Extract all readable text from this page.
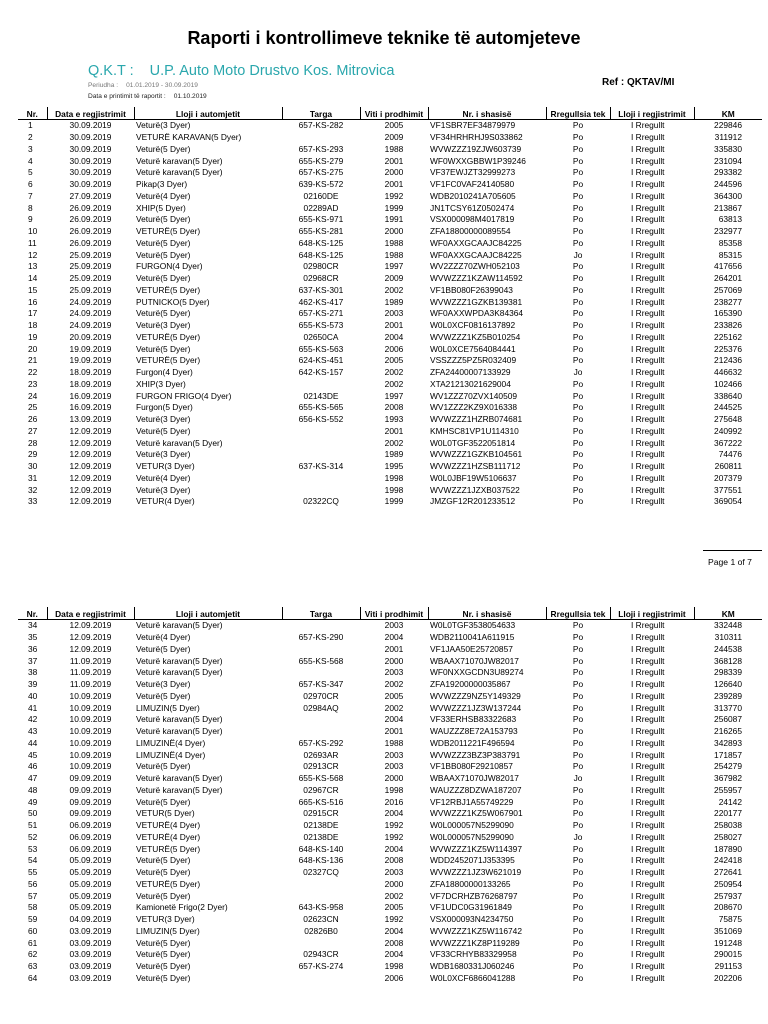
Raporti i kontrollimeve teknike të automjeteve
Q.K.T : U.P. Auto Moto Drustvo Kos. Mitrovica
Ref : QKTAV/MI
Periudha : 01.01.2019 - 30.09.2019
Data e printimit të raportit : 01.10.2019
Nr.	Data e regjistrimit	Lloji i automjetit	Targa	Viti i prodhimit	Nr. i shasisë	Rregullsia tek	Lloji i regjistrimit	KM
1	30.09.2019	Veturë(3 Dyer)	657-KS-282	2005	VF1SBR7EF34879979	Po	I Rregullt	229846
2	30.09.2019	VETURË KARAVAN(5 Dyer)		2009	VF34HRHRHJ9S033862	Po	I Rregullt	311912
3	30.09.2019	Veturë(5 Dyer)	657-KS-293	1988	WVWZZZ19ZJW603739	Po	I Rregullt	335830
4	30.09.2019	Veturë karavan(5 Dyer)	655-KS-279	2001	WF0WXXGBBW1P39246	Po	I Rregullt	231094
5	30.09.2019	Veturë karavan(5 Dyer)	657-KS-275	2000	VF37EWJZT32999273	Po	I Rregullt	293382
6	30.09.2019	Pikap(3 Dyer)	639-KS-572	2001	VF1FC0VAF24140580	Po	I Rregullt	244596
7	27.09.2019	Veturë(4 Dyer)	02160DE	1992	WDB2010241A705605	Po	I Rregullt	364300
8	26.09.2019	XHIP(5 Dyer)	02289AD	1999	JN1TCSY61Z0502474	Po	I Rregullt	213867
9	26.09.2019	Veturë(5 Dyer)	655-KS-971	1991	VSX000098M4017819	Po	I Rregullt	63813
10	26.09.2019	VETURË(5 Dyer)	655-KS-281	2000	ZFA18800000089554	Po	I Rregullt	232977
11	26.09.2019	Veturë(5 Dyer)	648-KS-125	1988	WF0AXXGCAAJC84225	Po	I Rregullt	85358
12	25.09.2019	Veturë(5 Dyer)	648-KS-125	1988	WF0AXXGCAAJC84225	Jo	I Rregullt	85315
13	25.09.2019	FURGON(4 Dyer)	02980CR	1997	WV2ZZZ70ZWH052103	Po	I Rregullt	417656
14	25.09.2019	Veturë(5 Dyer)	02968CR	2009	WVWZZZ1KZAW114592	Po	I Rregullt	264201
15	25.09.2019	VETURË(5 Dyer)	637-KS-301	2002	VF1BB080F26399043	Po	I Rregullt	257069
16	24.09.2019	PUTNICKO(5 Dyer)	462-KS-417	1989	WVWZZZ1GZKB139381	Po	I Rregullt	238277
17	24.09.2019	Veturë(5 Dyer)	657-KS-271	2003	WF0AXXWPDA3K84364	Po	I Rregullt	165390
18	24.09.2019	Veturë(3 Dyer)	655-KS-573	2001	W0L0XCF0816137892	Po	I Rregullt	233826
19	20.09.2019	VETURË(5 Dyer)	02650CA	2004	WVWZZZ1KZ5B010254	Po	I Rregullt	225162
20	19.09.2019	Veturë(5 Dyer)	655-KS-563	2006	W0L0XCE7564084441	Po	I Rregullt	225376
21	19.09.2019	VETURË(5 Dyer)	624-KS-451	2005	VSSZZZ5PZ5R032409	Po	I Rregullt	212436
22	18.09.2019	Furgon(4 Dyer)	642-KS-157	2002	ZFA24400007133929	Jo	I Rregullt	446632
23	18.09.2019	XHIP(3 Dyer)		2002	XTA21213021629004	Po	I Rregullt	102466
24	16.09.2019	FURGON FRIGO(4 Dyer)	02143DE	1997	WV1ZZZ70ZVX140509	Po	I Rregullt	338640
25	16.09.2019	Furgon(5 Dyer)	655-KS-565	2008	WV1ZZZ2KZ9X016338	Po	I Rregullt	244525
26	13.09.2019	Veturë(3 Dyer)	656-KS-552	1993	WVWZZZ1HZRB074681	Po	I Rregullt	275648
27	12.09.2019	Veturë(5 Dyer)		2001	KMHSC81VP1U114310	Po	I Rregullt	240992
28	12.09.2019	Veturë karavan(5 Dyer)		2002	W0L0TGF3522051814	Po	I Rregullt	367222
29	12.09.2019	Veturë(3 Dyer)		1989	WVWZZZ1GZKB104561	Po	I Rregullt	74476
30	12.09.2019	VETUR(3 Dyer)	637-KS-314	1995	WVWZZZ1HZSB111712	Po	I Rregullt	260811
31	12.09.2019	Veturë(4 Dyer)		1998	W0L0JBF19W5106637	Po	I Rregullt	207379
32	12.09.2019	Veturë(3 Dyer)		1998	WVWZZZ1JZXB037522	Po	I Rregullt	377551
33	12.09.2019	VETUR(4 Dyer)	02322CQ	1999	JMZGF12R201233512	Po	I Rregullt	369054
Page 1 of 7
Nr.	Data e regjistrimit	Lloji i automjetit	Targa	Viti i prodhimit	Nr. i shasisë	Rregullsia tek	Lloji i regjistrimit	KM
34	12.09.2019	Veturë karavan(5 Dyer)		2003	W0L0TGF3538054633	Po	I Rregullt	332448
35	12.09.2019	Veturë(4 Dyer)	657-KS-290	2004	WDB2110041A611915	Po	I Rregullt	310311
36	12.09.2019	Veturë(5 Dyer)		2001	VF1JAA50E25720857	Po	I Rregullt	244538
37	11.09.2019	Veturë karavan(5 Dyer)	655-KS-568	2000	WBAAX71070JW82017	Po	I Rregullt	368128
38	11.09.2019	Veturë karavan(5 Dyer)		2003	WF0NXXGCDN3U89274	Po	I Rregullt	298339
39	11.09.2019	Veturë(3 Dyer)	657-KS-347	2002	ZFA19200000035867	Po	I Rregullt	126640
40	10.09.2019	Veturë(5 Dyer)	02970CR	2005	WVWZZZ9NZ5Y149329	Po	I Rregullt	239289
41	10.09.2019	LIMUZIN(5 Dyer)	02984AQ	2002	WVWZZZ1JZ3W137244	Po	I Rregullt	313770
42	10.09.2019	Veturë karavan(5 Dyer)		2004	VF33ERHSB83322683	Po	I Rregullt	256087
43	10.09.2019	Veturë karavan(5 Dyer)		2001	WAUZZZ8E72A153793	Po	I Rregullt	216265
44	10.09.2019	LIMUZINË(4 Dyer)	657-KS-292	1988	WDB2011221F496594	Po	I Rregullt	342893
45	10.09.2019	LIMUZINË(4 Dyer)	02693AR	2003	WVWZZZ3BZ3P383791	Po	I Rregullt	171857
46	10.09.2019	Veturë(5 Dyer)	02913CR	2003	VF1BB080F29210857	Po	I Rregullt	254279
47	09.09.2019	Veturë karavan(5 Dyer)	655-KS-568	2000	WBAAX71070JW82017	Jo	I Rregullt	367982
48	09.09.2019	Veturë karavan(5 Dyer)	02967CR	1998	WAUZZZ8DZWA187207	Po	I Rregullt	255957
49	09.09.2019	Veturë(5 Dyer)	665-KS-516	2016	VF12RBJ1A55749229	Po	I Rregullt	24142
50	09.09.2019	VETUR(5 Dyer)	02915CR	2004	WVWZZZ1KZ5W067901	Po	I Rregullt	220177
51	06.09.2019	VETURË(4 Dyer)	02138DE	1992	W0L000057N5299090	Po	I Rregullt	258038
52	06.09.2019	VETURË(4 Dyer)	02138DE	1992	W0L000057N5299090	Jo	I Rregullt	258027
53	06.09.2019	VETURË(5 Dyer)	648-KS-140	2004	WVWZZZ1KZ5W114397	Po	I Rregullt	187890
54	05.09.2019	Veturë(5 Dyer)	648-KS-136	2008	WDD2452071J353395	Po	I Rregullt	242418
55	05.09.2019	Veturë(5 Dyer)	02327CQ	2003	WVWZZZ1JZ3W621019	Po	I Rregullt	272641
56	05.09.2019	VETURË(5 Dyer)		2000	ZFA18800000133265	Po	I Rregullt	250954
57	05.09.2019	Veturë(5 Dyer)		2002	VF7DCRHZB76268797	Po	I Rregullt	257937
58	05.09.2019	Kamionetë Frigo(2 Dyer)	643-KS-958	2005	VF1UDC0G31961849	Po	I Rregullt	208670
59	04.09.2019	VETUR(3 Dyer)	02623CN	1992	VSX000093N4234750	Po	I Rregullt	75875
60	03.09.2019	LIMUZIN(5 Dyer)	02826B0	2004	WVWZZZ1KZ5W116742	Po	I Rregullt	351069
61	03.09.2019	Veturë(5 Dyer)		2008	WVWZZZ1KZ8P119289	Po	I Rregullt	191248
62	03.09.2019	Veturë(5 Dyer)	02943CR	2004	VF33CRHYB83329958	Po	I Rregullt	290015
63	03.09.2019	Veturë(5 Dyer)	657-KS-274	1998	WDB1680331J060246	Po	I Rregullt	291153
64	03.09.2019	Veturë(5 Dyer)		2006	W0L0XCF6866041288	Po	I Rregullt	202206
